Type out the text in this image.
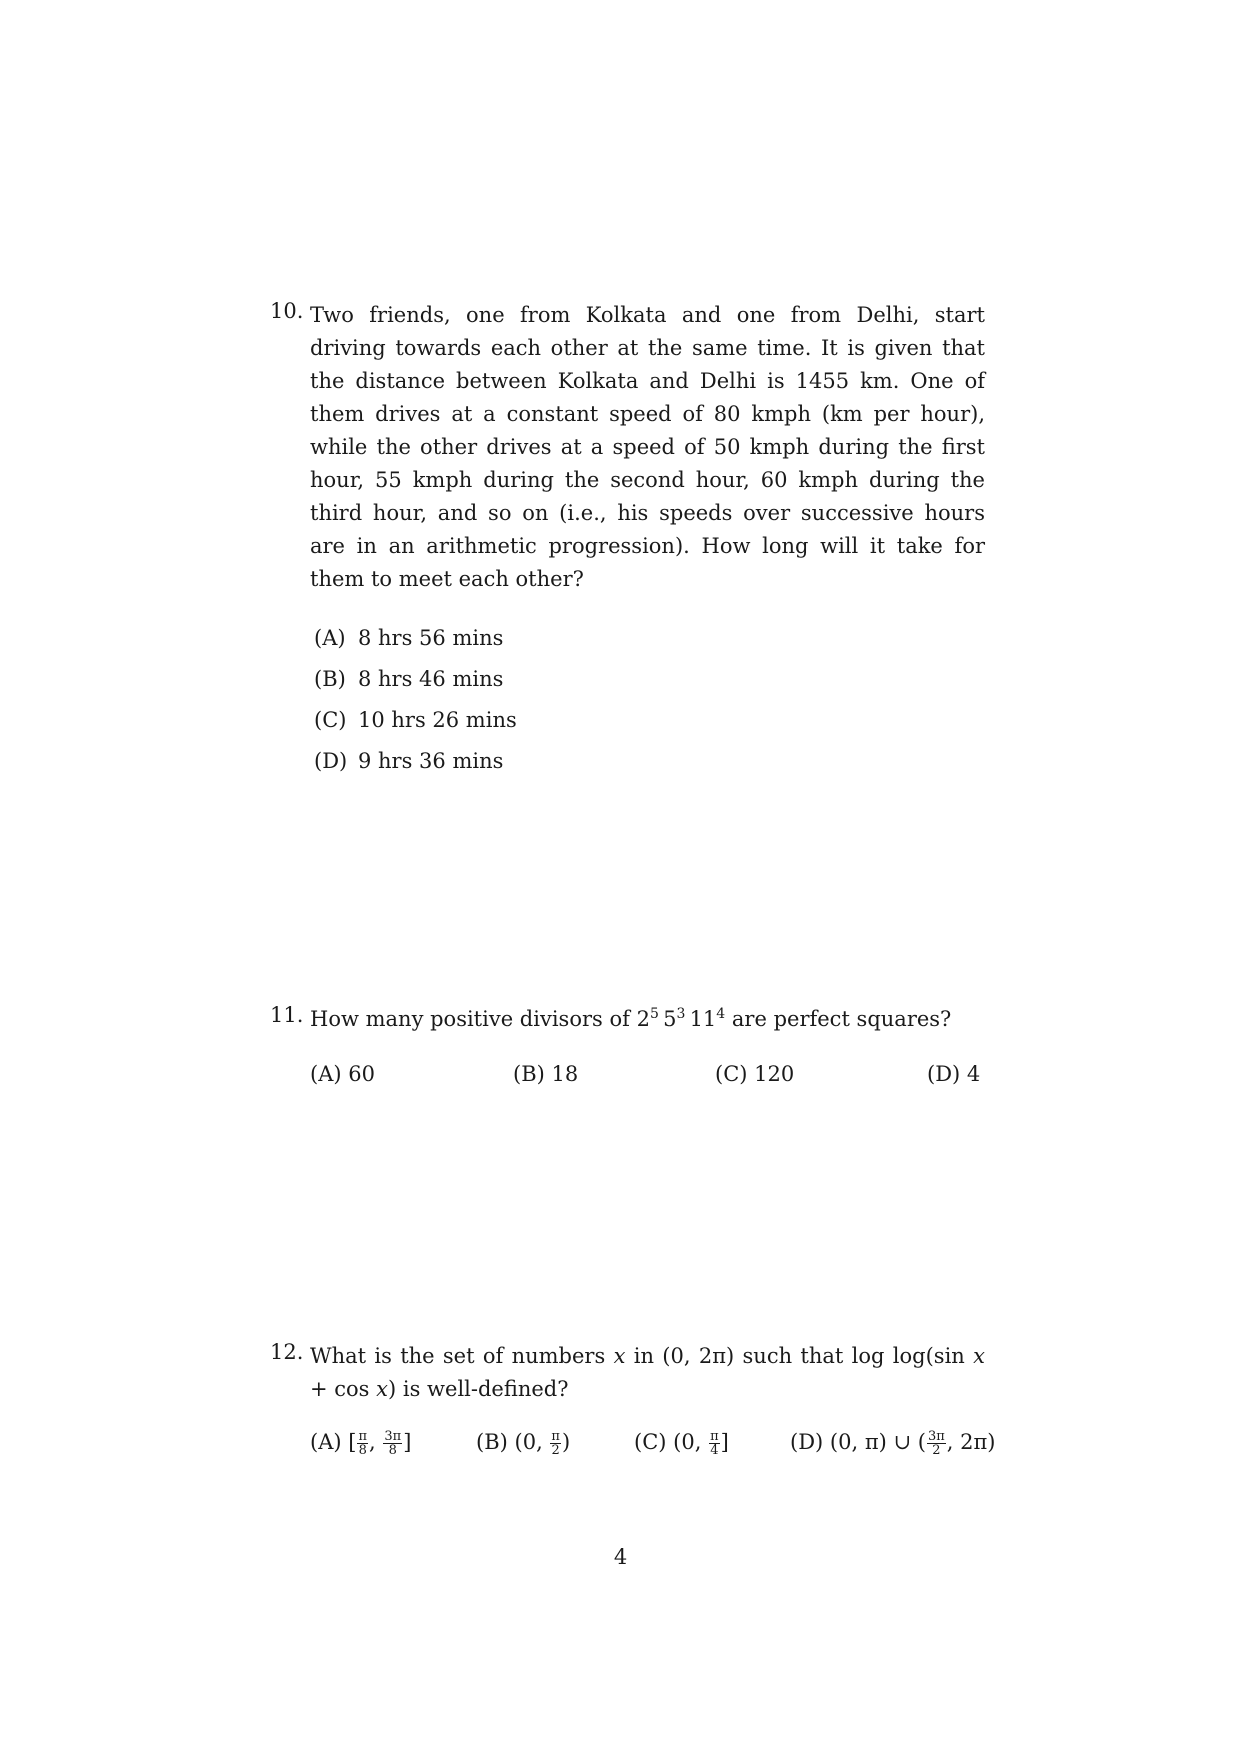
10. Two friends, one from Kolkata and one from Delhi, start driving towards each other at the same time. It is given that the distance between Kolkata and Delhi is 1455 km. One of them drives at a constant speed of 80 kmph (km per hour), while the other drives at a speed of 50 kmph during the first hour, 55 kmph during the second hour, 60 kmph during the third hour, and so on (i.e., his speeds over successive hours are in an arithmetic progression). How long will it take for them to meet each other?
(A) 8 hrs 56 mins
(B) 8 hrs 46 mins
(C) 10 hrs 26 mins
(D) 9 hrs 36 mins
11. How many positive divisors of $2^5$  $5^3$  $11^4$ are perfect squares?
(A) 60	(B) 18	(C) 120	(D) 4
12. What is the set of numbers x in (0, 2π) such that log log(sin x + cos x) is well-defined?
(A) [ $\frac{\pi}{8}$ , $\frac{3\pi}{8}$ ]	(B) (0, $\frac{\pi}{2}$ )	(C) (0, $\frac{\pi}{4}$ ]	(D) (0, π) ∪ ( $\frac{3\pi}{2}$ , 2π)
4
